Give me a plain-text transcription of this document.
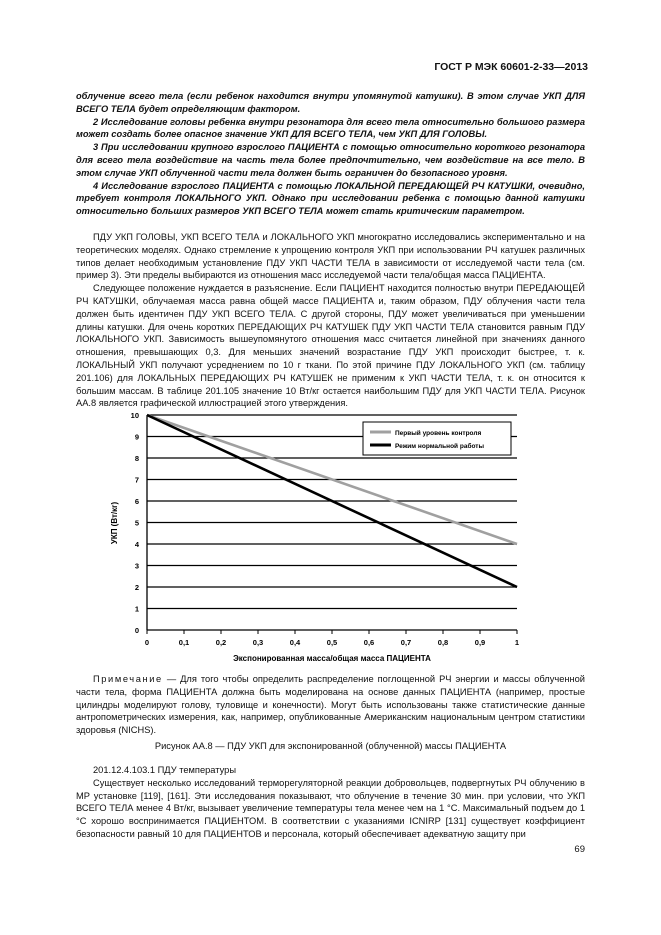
ГОСТ Р МЭК 60601-2-33—2013

облучение всего тела (если ребенок находится внутри упомянутой катушки). В этом случае УКП ДЛЯ ВСЕГО ТЕЛА будет определяющим фактором.

2 Исследование головы ребенка внутри резонатора для всего тела относительно большого размера может создать более опасное значение УКП ДЛЯ ВСЕГО ТЕЛА, чем УКП ДЛЯ ГОЛОВЫ.

3 При исследовании крупного взрослого ПАЦИЕНТА с помощью относительно короткого резонатора для всего тела воздействие на часть тела более предпочтительно, чем воздействие на все тело. В этом случае УКП облученной части тела должен быть ограничен до безопасного уровня.

4 Исследование взрослого ПАЦИЕНТА с помощью ЛОКАЛЬНОЙ ПЕРЕДАЮЩЕЙ РЧ КАТУШКИ, очевидно, требует контроля ЛОКАЛЬНОГО УКП. Однако при исследовании ребенка с помощью данной катушки относительно больших размеров УКП ВСЕГО ТЕЛА может стать критическим параметром.

ПДУ УКП ГОЛОВЫ, УКП ВСЕГО ТЕЛА и ЛОКАЛЬНОГО УКП многократно исследовались экспериментально и на теоретических моделях. Однако стремление к упрощению контроля УКП при использовании РЧ катушек различных типов делает необходимым установление ПДУ УКП ЧАСТИ ТЕЛА в зависимости от исследуемой части тела (см. пример 3). Эти пределы выбираются из отношения масс исследуемой части тела/общая масса ПАЦИЕНТА.

Следующее положение нуждается в разъяснение. Если ПАЦИЕНТ находится полностью внутри ПЕРЕДАЮЩЕЙ РЧ КАТУШКИ, облучаемая масса равна общей массе ПАЦИЕНТА и, таким образом, ПДУ облучения части тела должен быть идентичен ПДУ УКП ВСЕГО ТЕЛА. С другой стороны, ПДУ может увеличиваться при уменьшении длины катушки. Для очень коротких ПЕРЕДАЮЩИХ РЧ КАТУШЕК ПДУ УКП ЧАСТИ ТЕЛА становится равным ПДУ ЛОКАЛЬНОГО УКП. Зависимость вышеупомянутого отношения масс считается линейной при значениях данного отношения, превышающих 0,3. Для меньших значений возрастание ПДУ УКП происходит быстрее, т. к. ЛОКАЛЬНЫЙ УКП получают усреднением по 10 г ткани. По этой причине ПДУ ЛОКАЛЬНОГО УКП (см. таблицу 201.106) для ЛОКАЛЬНЫХ ПЕРЕДАЮЩИХ РЧ КАТУШЕК не применим к УКП ЧАСТИ ТЕЛА, т. к. он относится к большим массам. В таблице 201.105 значение 10 Вт/кг остается наибольшим ПДУ для УКП ЧАСТИ ТЕЛА. Рисунок АА.8 является графической иллюстрацией этого утверждения.

0
1
2
3
4
5
6
7
8
9
10
0	0,1	0,2	0,3	0,4	0,5	0,6	0,7	0,8	0,9	1
УКП (Вт/кг)
Экспонированная масса/общая масса ПАЦИЕНТА
Первый уровень контроля
Режим нормальной работы

Примечание — Для того чтобы определить распределение поглощенной РЧ энергии и массы облученной части тела, форма ПАЦИЕНТА должна быть моделирована на основе данных ПАЦИЕНТА (например, простые цилиндры моделируют голову, туловище и конечности). Могут быть использованы также статистические данные антропометрических измерения, как, например, опубликованные Американским национальным центром статистики здоровья (NICHS).

Рисунок АА.8 — ПДУ УКП для экспонированной (облученной) массы ПАЦИЕНТА

201.12.4.103.1 ПДУ температуры

Существует несколько исследований терморегуляторной реакции добровольцев, подвергнутых РЧ облучению в МР установке [119], [161]. Эти исследования показывают, что облучение в течение 30 мин. при условии, что УКП ВСЕГО ТЕЛА менее 4 Вт/кг, вызывает увеличение температуры тела менее чем на 1 °С. Максимальный подъем до 1 °С хорошо воспринимается ПАЦИЕНТОМ. В соответствии с указаниями ICNIRP [131] существует коэффициент безопасности равный 10 для ПАЦИЕНТОВ и персонала, который обеспечивает адекватную защиту при

69
